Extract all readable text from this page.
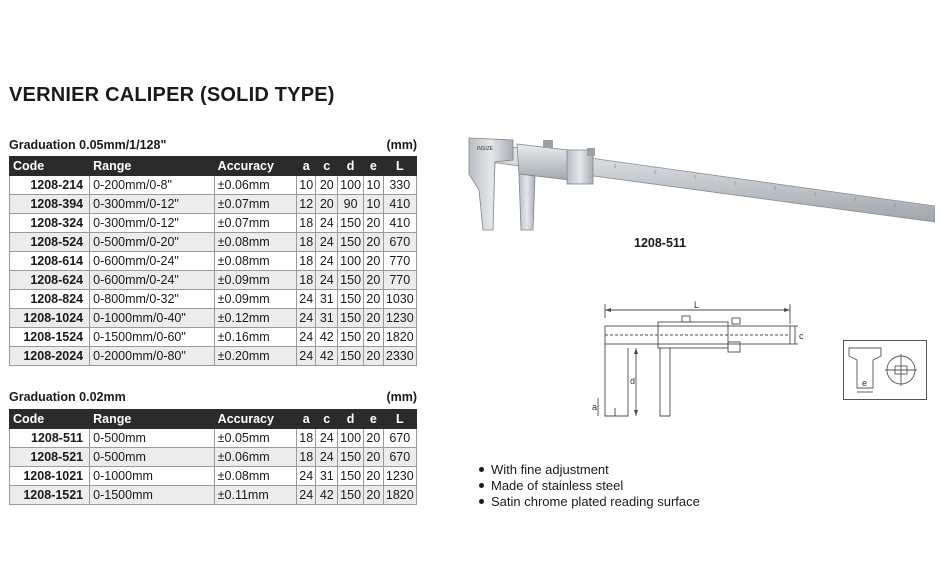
VERNIER CALIPER (SOLID TYPE)
Graduation 0.05mm/1/128"	(mm)
Code	Range	Accuracy	a	c	d	e	L
1208-214	0-200mm/0-8"	±0.06mm	10	20	100	10	330
1208-394	0-300mm/0-12"	±0.07mm	12	20	90	10	410
1208-324	0-300mm/0-12"	±0.07mm	18	24	150	20	410
1208-524	0-500mm/0-20"	±0.08mm	18	24	150	20	670
1208-614	0-600mm/0-24"	±0.08mm	18	24	100	20	770
1208-624	0-600mm/0-24"	±0.09mm	18	24	150	20	770
1208-824	0-800mm/0-32"	±0.09mm	24	31	150	20	1030
1208-1024	0-1000mm/0-40"	±0.12mm	24	31	150	20	1230
1208-1524	0-1500mm/0-60"	±0.16mm	24	42	150	20	1820
1208-2024	0-2000mm/0-80"	±0.20mm	24	42	150	20	2330
Graduation 0.02mm	(mm)
Code	Range	Accuracy	a	c	d	e	L
1208-511	0-500mm	±0.05mm	18	24	100	20	670
1208-521	0-500mm	±0.06mm	18	24	150	20	670
1208-1021	0-1000mm	±0.08mm	24	31	150	20	1230
1208-1521	0-1500mm	±0.11mm	24	42	150	20	1820
INSIZE
1208-511
L
c
d
a
e
With fine adjustment
Made of stainless steel
Satin chrome plated reading surface
